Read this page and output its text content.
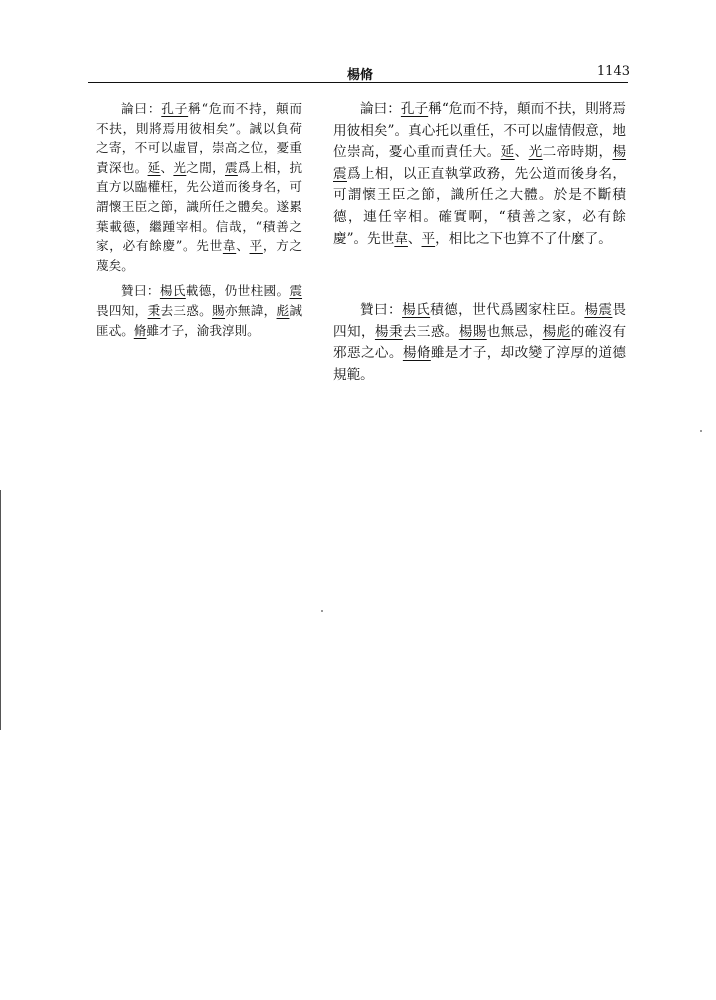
楊脩	1143

論曰：孔子稱“危而不持，顛而不扶，則將焉用彼相矣”。誠以負荷之寄，不可以虛冒，崇高之位，憂重責深也。延、光之閒，震爲上相，抗直方以臨權枉，先公道而後身名，可謂懷王臣之節，識所任之體矣。遂累葉載德，繼踵宰相。信哉，“積善之家，必有餘慶”。先世韋、平，方之蔑矣。

贊曰：楊氏載德，仍世柱國。震畏四知，秉去三惑。賜亦無諱，彪誠匪忒。脩雖才子，渝我淳則。

論曰：孔子稱“危而不持，顛而不扶，則將焉用彼相矣”。真心托以重任，不可以虛情假意，地位崇高，憂心重而責任大。延、光二帝時期，楊震爲上相，以正直執掌政務，先公道而後身名，可謂懷王臣之節，識所任之大體。於是不斷積德，連任宰相。確實啊，“積善之家，必有餘慶”。先世韋、平，相比之下也算不了什麼了。

贊曰：楊氏積德，世代爲國家柱臣。楊震畏四知，楊秉去三惑。楊賜也無忌，楊彪的確沒有邪惡之心。楊脩雖是才子，却改變了淳厚的道德規範。
